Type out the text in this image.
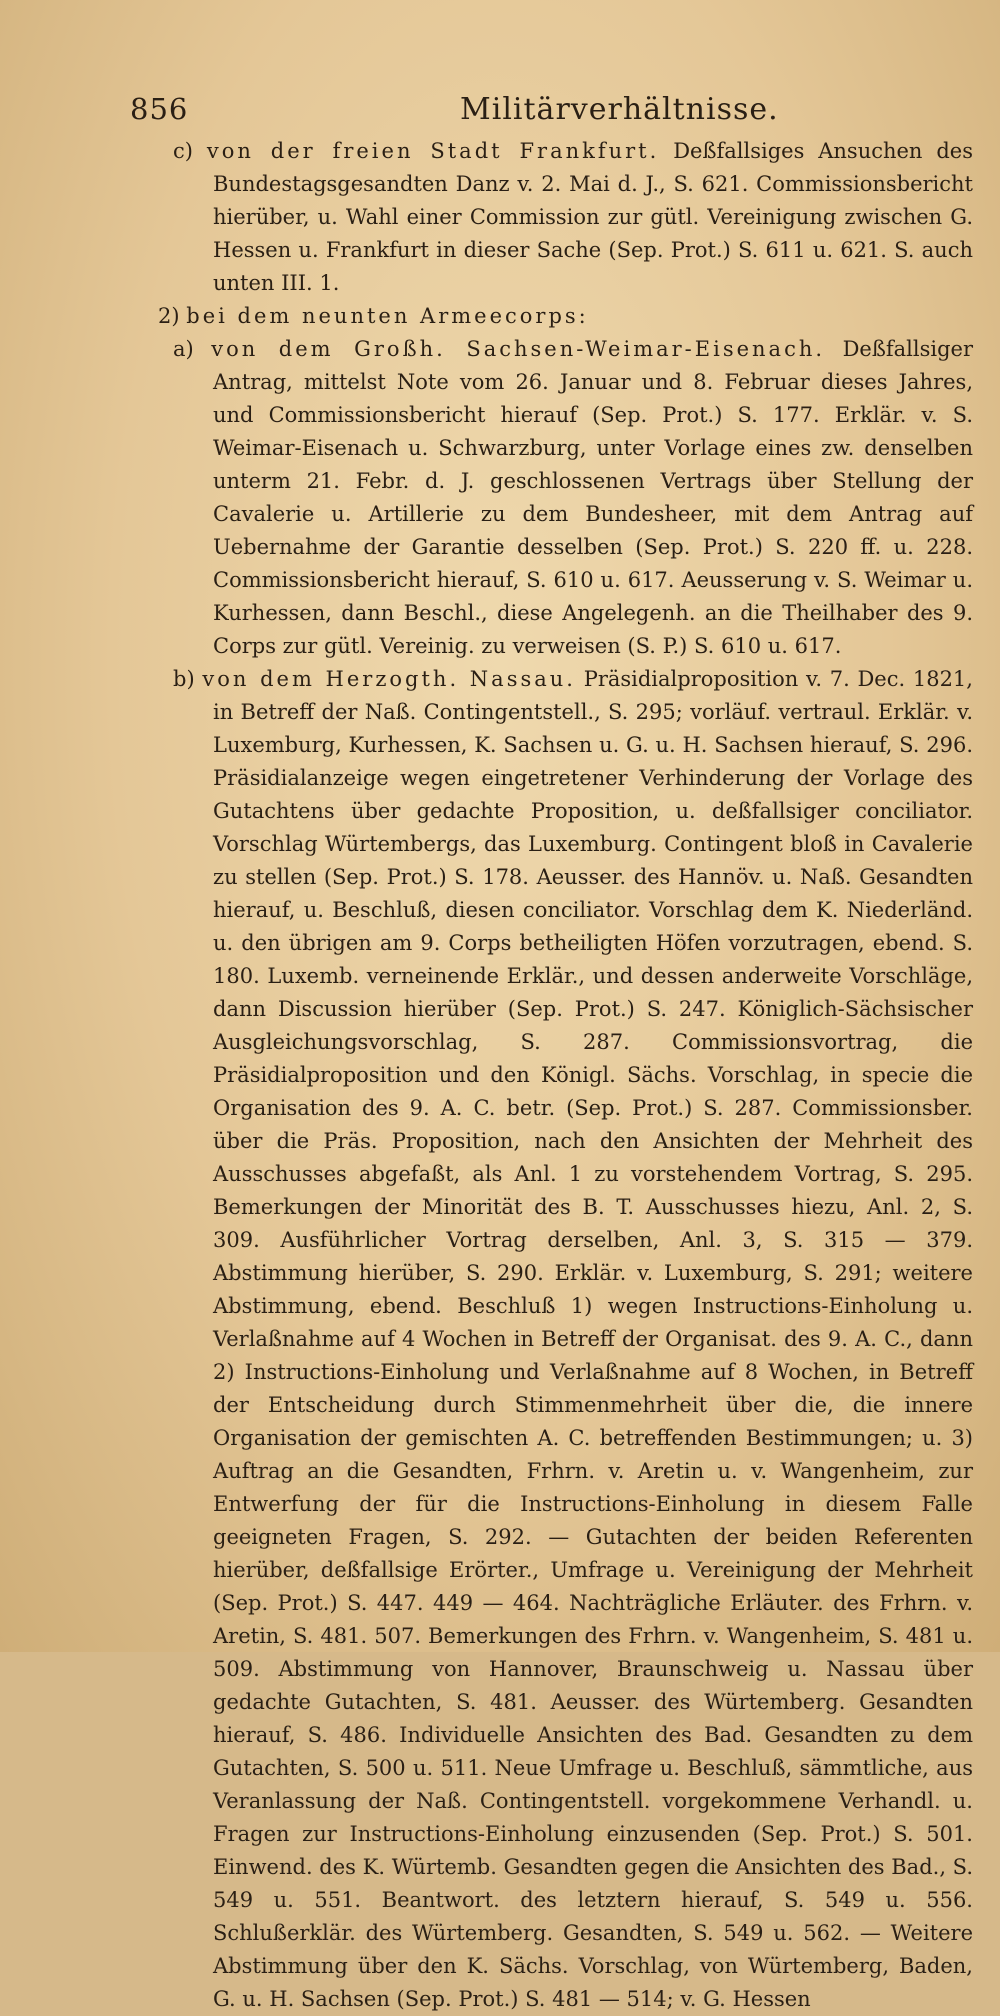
856	Militärverhältnisse.

c) von der freien Stadt Frankfurt. Deßfallsiges Ansuchen des Bundestagsgesandten Danz v. 2. Mai d. J., S. 621. Commissionsbericht hierüber, u. Wahl einer Commission zur gütl. Vereinigung zwischen G. Hessen u. Frankfurt in dieser Sache (Sep. Prot.) S. 611 u. 621. S. auch unten III. 1.

2) bei dem neunten Armeecorps:

a) von dem Großh. Sachsen-Weimar-Eisenach. Deßfallsiger Antrag, mittelst Note vom 26. Januar und 8. Februar dieses Jahres, und Commissionsbericht hierauf (Sep. Prot.) S. 177. Erklär. v. S. Weimar-Eisenach u. Schwarzburg, unter Vorlage eines zw. denselben unterm 21. Febr. d. J. geschlossenen Vertrags über Stellung der Cavalerie u. Artillerie zu dem Bundesheer, mit dem Antrag auf Uebernahme der Garantie desselben (Sep. Prot.) S. 220 ff. u. 228. Commissionsbericht hierauf, S. 610 u. 617. Aeusserung v. S. Weimar u. Kurhessen, dann Beschl., diese Angelegenh. an die Theilhaber des 9. Corps zur gütl. Vereinig. zu verweisen (S. P.) S. 610 u. 617.

b) von dem Herzogth. Nassau. Präsidialproposition v. 7. Dec. 1821, in Betreff der Naß. Contingentstell., S. 295; vorläuf. vertraul. Erklär. v. Luxemburg, Kurhessen, K. Sachsen u. G. u. H. Sachsen hierauf, S. 296. Präsidialanzeige wegen eingetretener Verhinderung der Vorlage des Gutachtens über gedachte Proposition, u. deßfallsiger conciliator. Vorschlag Würtembergs, das Luxemburg. Contingent bloß in Cavalerie zu stellen (Sep. Prot.) S. 178. Aeusser. des Hannöv. u. Naß. Gesandten hierauf, u. Beschluß, diesen conciliator. Vorschlag dem K. Niederländ. u. den übrigen am 9. Corps betheiligten Höfen vorzutragen, ebend. S. 180. Luxemb. verneinende Erklär., und dessen anderweite Vorschläge, dann Discussion hierüber (Sep. Prot.) S. 247. Königlich-Sächsischer Ausgleichungsvorschlag, S. 287. Commissionsvortrag, die Präsidialproposition und den Königl. Sächs. Vorschlag, in specie die Organisation des 9. A. C. betr. (Sep. Prot.) S. 287. Commissionsber. über die Präs. Proposition, nach den Ansichten der Mehrheit des Ausschusses abgefaßt, als Anl. 1 zu vorstehendem Vortrag, S. 295. Bemerkungen der Minorität des B. T. Ausschusses hiezu, Anl. 2, S. 309. Ausführlicher Vortrag derselben, Anl. 3, S. 315 — 379. Abstimmung hierüber, S. 290. Erklär. v. Luxemburg, S. 291; weitere Abstimmung, ebend. Beschluß 1) wegen Instructions-Einholung u. Verlaßnahme auf 4 Wochen in Betreff der Organisat. des 9. A. C., dann 2) Instructions-Einholung und Verlaßnahme auf 8 Wochen, in Betreff der Entscheidung durch Stimmenmehrheit über die, die innere Organisation der gemischten A. C. betreffenden Bestimmungen; u. 3) Auftrag an die Gesandten, Frhrn. v. Aretin u. v. Wangenheim, zur Entwerfung der für die Instructions-Einholung in diesem Falle geeigneten Fragen, S. 292. — Gutachten der beiden Referenten hierüber, deßfallsige Erörter., Umfrage u. Vereinigung der Mehrheit (Sep. Prot.) S. 447. 449 — 464. Nachträgliche Erläuter. des Frhrn. v. Aretin, S. 481. 507. Bemerkungen des Frhrn. v. Wangenheim, S. 481 u. 509. Abstimmung von Hannover, Braunschweig u. Nassau über gedachte Gutachten, S. 481. Aeusser. des Würtemberg. Gesandten hierauf, S. 486. Individuelle Ansichten des Bad. Gesandten zu dem Gutachten, S. 500 u. 511. Neue Umfrage u. Beschluß, sämmtliche, aus Veranlassung der Naß. Contingentstell. vorgekommene Verhandl. u. Fragen zur Instructions-Einholung einzusenden (Sep. Prot.) S. 501. Einwend. des K. Würtemb. Gesandten gegen die Ansichten des Bad., S. 549 u. 551. Beantwort. des letztern hierauf, S. 549 u. 556. Schlußerklär. des Würtemberg. Gesandten, S. 549 u. 562. — Weitere Abstimmung über den K. Sächs. Vorschlag, von Würtemberg, Baden, G. u. H. Sachsen (Sep. Prot.) S. 481 — 514; v. G. Hessen
